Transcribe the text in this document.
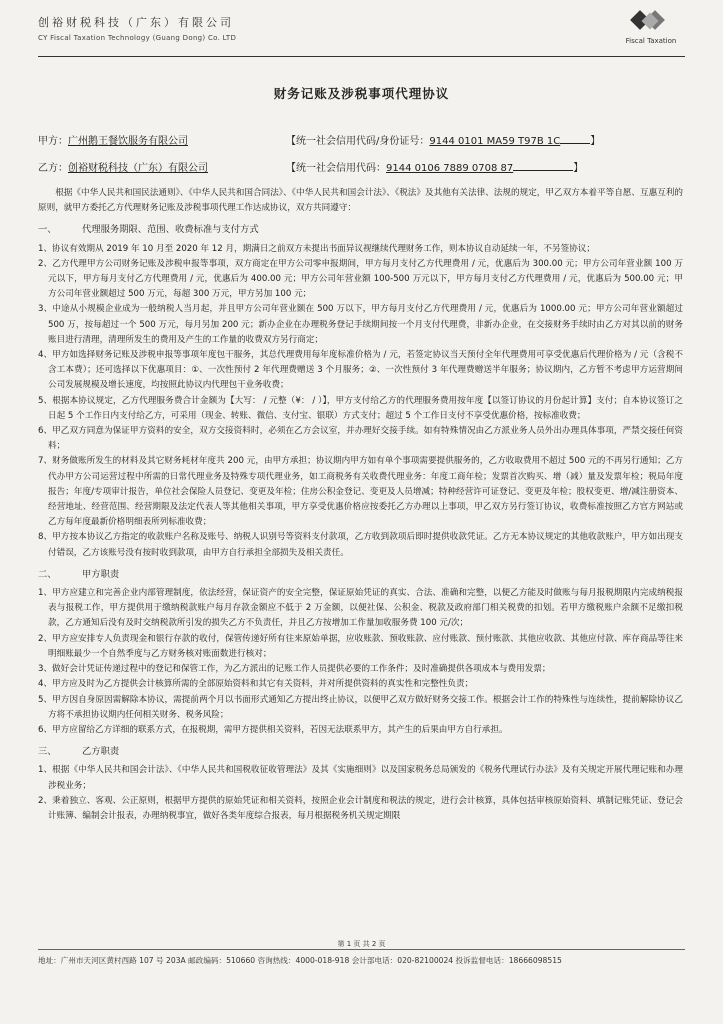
创裕财税科技（广东）有限公司
CY Fiscal Taxation Technology (Guang Dong) Co. LTD	Fiscal Taxation
财务记账及涉税事项代理协议
甲方：广州鹅王餐饮服务有限公司	【统一社会信用代码/身份证号：9144 0101 MA59 T97B 1C	】
乙方：创裕财税科技（广东）有限公司	【统一社会信用代码：9144 0106 7889 0708 87	】

根据《中华人民共和国民法通则》、《中华人民共和国合同法》、《中华人民共和国会计法》、《税法》及其他有关法律、法规的规定，甲乙双方本着平等自愿、互惠互利的原则，就甲方委托乙方代理财务记账及涉税事项代理工作达成协议，双方共同遵守：

一、	代理服务期限、范围、收费标准与支付方式

1、协议有效期从 2019 年 10 月至 2020 年 12 月，期满日之前双方未提出书面异议视继续代理财务工作，则本协议自动延续一年，不另签协议；

2、乙方代理甲方公司财务记账及涉税申报等事项，双方商定在甲方公司零申报期间，甲方每月支付乙方代理费用 / 元，优惠后为 300.00 元；甲方公司年营业额 100 万元以下，甲方每月支付乙方代理费用 / 元，优惠后为 400.00 元；甲方公司年营业额 100-500 万元以下，甲方每月支付乙方代理费用 / 元，优惠后为 500.00 元；甲方公司年营业额超过 500 万元，每超 300 万元，甲方另加 100 元；

3、中途从小规模企业成为一般纳税人当月起，并且甲方公司年营业额在 500 万以下，甲方每月支付乙方代理费用 / 元，优惠后为 1000.00 元；甲方公司年营业额超过 500 万，按每超过一个 500 万元，每月另加 200 元；新办企业在办理税务登记手续期间按一个月支付代理费，非新办企业，在交接财务手续时由乙方对其以前的财务账目进行清理，清理所发生的费用及产生的工作量的收费双方另行商定；

4、甲方如选择财务记账及涉税申报等事项年度包干服务，其总代理费用每年度标准价格为 / 元，若签定协议当天预付全年代理费用可享受优惠后代理价格为 / 元（含税不含工本费）；还可选择以下优惠项目：①、一次性预付 2 年代理费赠送 3 个月服务；②、一次性预付 3 年代理费赠送半年服务；协议期内，乙方暂不考虑甲方运营期间公司发展规模及增长速度，均按照此协议内代理包干业务收费；

5、根据本协议规定，乙方代理服务费合计金额为【大写： / 元整（¥： / ）】，甲方支付给乙方的代理服务费用按年度【以签订协议的月份起计算】支付；自本协议签订之日起 5 个工作日内支付给乙方，可采用（现金、转账、微信、支付宝、银联）方式支付；超过 5 个工作日支付不享受优惠价格，按标准收费；

6、甲乙双方同意为保证甲方资料的安全，双方交接资料时，必须在乙方会议室，并办理好交接手续。如有特殊情况由乙方派业务人员外出办理具体事项，严禁交接任何资料；

7、财务做账所发生的材料及其它财务耗材年度共 200 元，由甲方承担；协议期内甲方如有单个事项需要提供服务的，乙方收取费用不超过 500 元的不再另行通知；乙方代办甲方公司运营过程中所需的日常代理业务及特殊专项代理业务，如工商税务有关收费代理业务：年度工商年检；发票首次购买、增（减）量及发票年检；税局年度报告；年度/专项审计报告，单位社会保险人员登记、变更及年检；住房公积金登记、变更及人员增减；特种经营许可证登记、变更及年检；股权变更、增/减注册资本、经营地址、经营范围、经营期限及法定代表人等其他相关事项，甲方享受优惠价格应按委托乙方办理以上事项，甲乙双方另行签订协议，收费标准按照乙方官方网站或乙方每年度最新价格明细表所列标准收费；

8、甲方按本协议乙方指定的收款账户名称及账号、纳税人识别号等资料支付款项，乙方收到款项后即时提供收款凭证。乙方无本协议规定的其他收款账户，甲方如出现支付错误，乙方该账号没有按时收到款项，由甲方自行承担全部损失及相关责任。

二、	甲方职责

1、甲方应建立和完善企业内部管理制度，依法经营，保证资产的安全完整，保证原始凭证的真实、合法、准确和完整，以便乙方能及时做账与每月报税期限内完成纳税报表与报税工作，甲方提供用于缴纳税款账户每月存款金额应不低于 2 万金额，以便社保、公积金、税款及政府部门相关税费的扣划。若甲方缴税账户余额不足缴扣税款，乙方通知后没有及时交纳税款所引发的损失乙方不负责任，并且乙方按增加工作量加收服务费 100 元/次；

2、甲方应安排专人负责现金和银行存款的收付，保管传递好所有往来原始单据，应收账款、预收账款、应付账款、预付账款、其他应收款、其他应付款、库存商品等往来明细账最少一个自然季度与乙方财务核对账面数进行核对；

3、做好会计凭证传递过程中的登记和保管工作，为乙方派出的记账工作人员提供必要的工作条件；及时准确提供各项成本与费用发票；

4、甲方应及时为乙方提供会计核算所需的全部原始资料和其它有关资料，并对所提供资料的真实性和完整性负责；

5、甲方因自身原因需解除本协议，需提前两个月以书面形式通知乙方提出终止协议，以便甲乙双方做好财务交接工作。根据会计工作的特殊性与连续性，提前解除协议乙方将不承担协议期内任何相关财务、税务风险；

6、甲方应留给乙方详细的联系方式，在报税期，需甲方提供相关资料，若因无法联系甲方，其产生的后果由甲方自行承担。

三、	乙方职责

1、根据《中华人民共和国会计法》、《中华人民共和国税收征收管理法》及其《实施细则》以及国家税务总局颁发的《税务代理试行办法》及有关规定开展代理记账和办理涉税业务；

2、秉着独立、客观、公正原则，根据甲方提供的原始凭证和相关资料，按照企业会计制度和税法的规定，进行会计核算，具体包括审核原始资料、填制记账凭证、登记会计账簿、编制会计报表，办理纳税事宜，做好各类年度综合报表，每月根据税务机关规定期限

第 1 页 共 2 页
地址：广州市天河区黄村西路 107 号 203A 邮政编码：510660 咨询热线：4000-018-918 会计部电话：020-82100024 投诉监督电话：18666098515
